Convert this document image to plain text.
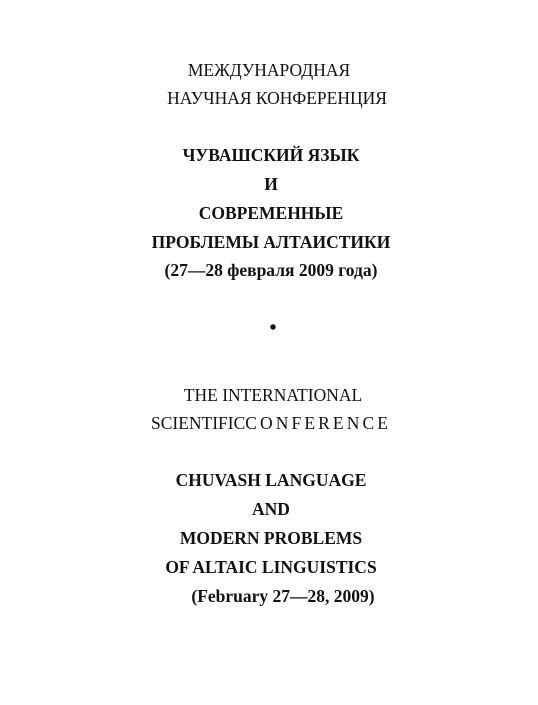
МЕЖДУНАРОДНАЯ
НАУЧНАЯ КОНФЕРЕНЦИЯ
ЧУВАШСКИЙ ЯЗЫК
И
СОВРЕМЕННЫЕ
ПРОБЛЕМЫ АЛТАИСТИКИ
(27—28 февраля 2009 года)
•
THE INTERNATIONAL
SCIENTIFICCONFERENCE
CHUVASH LANGUAGE
AND
MODERN PROBLEMS
OF ALTAIC LINGUISTICS
(February 27—28, 2009)
